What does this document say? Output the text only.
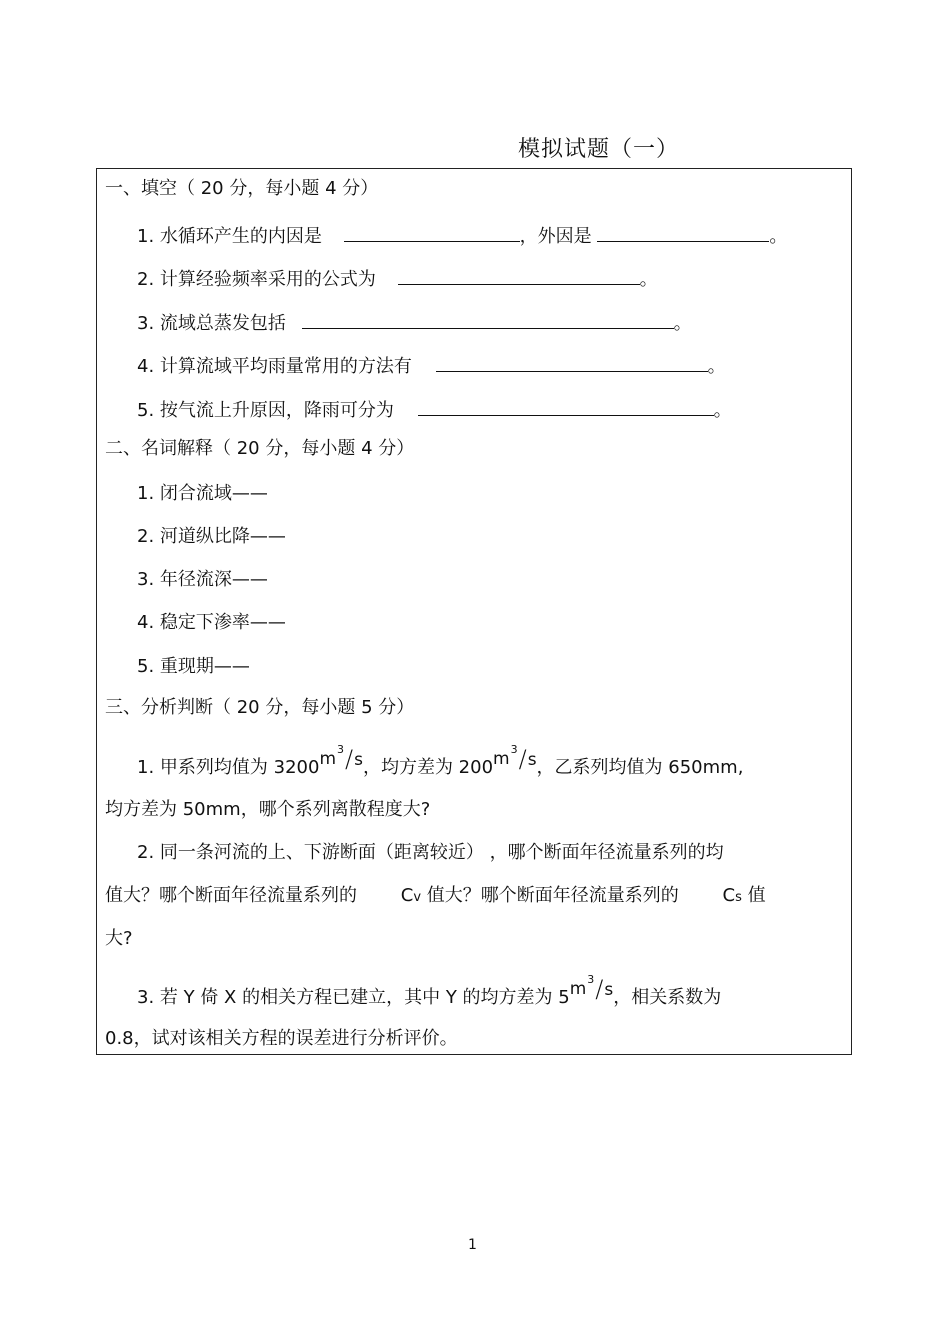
模拟试题（一）
一、填空（ 20 分，每小题 4 分）
1. 水循环产生的内因是	，外因是	。
2. 计算经验频率采用的公式为	。
3. 流域总蒸发包括	。
4. 计算流域平均雨量常用的方法有	。
5. 按气流上升原因，降雨可分为	。
二、名词解释（ 20 分，每小题 4 分）
1. 闭合流域——
2. 河道纵比降——
3. 年径流深——
4. 稳定下渗率——
5. 重现期——
三、分析判断（ 20 分，每小题 5 分）
1. 甲系列均值为 $3200m^3/s$，均方差为 $200m^3/s$，乙系列均值为 650mm,
均方差为 50mm，哪个系列离散程度大?
2. 同一条河流的上、下游断面（距离较近） ，哪个断面年径流量系列的均
值大？哪个断面年径流量系列的 Cv 值大？哪个断面年径流量系列的 Cs 值
大?
3. 若 Y 倚 X 的相关方程已建立，其中 Y 的均方差为 $5m^3/s$，相关系数为
0.8，试对该相关方程的误差进行分析评价。
1
